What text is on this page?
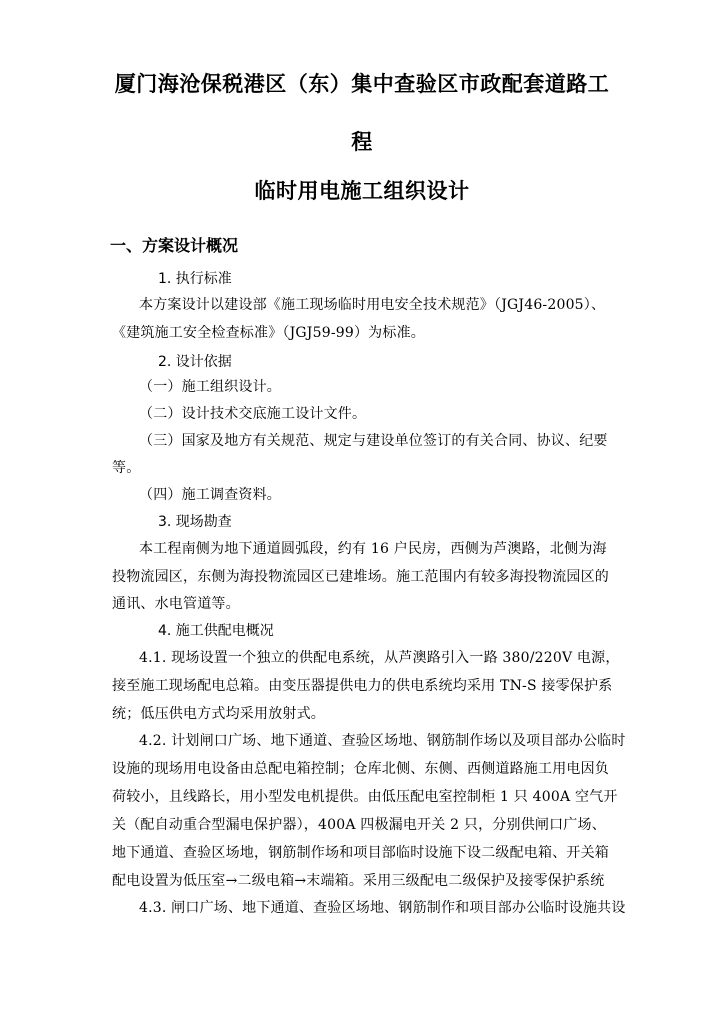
厦门海沧保税港区（东）集中查验区市政配套道路工
程
临时用电施工组织设计
一、方案设计概况
1. 执行标准
本方案设计以建设部《施工现场临时用电安全技术规范》（JGJ46-2005）、
《建筑施工安全检查标准》（JGJ59-99）为标准。
2. 设计依据
（一）施工组织设计。
（二）设计技术交底施工设计文件。
（三）国家及地方有关规范、规定与建设单位签订的有关合同、协议、纪要
等。
（四）施工调查资料。
3. 现场勘查
本工程南侧为地下通道圆弧段，约有 16 户民房，西侧为芦澳路，北侧为海
投物流园区，东侧为海投物流园区已建堆场。施工范围内有较多海投物流园区的
通讯、水电管道等。
4. 施工供配电概况
4.1. 现场设置一个独立的供配电系统，从芦澳路引入一路 380/220V 电源，
接至施工现场配电总箱。由变压器提供电力的供电系统均采用 TN-S 接零保护系
统；低压供电方式均采用放射式。
4.2. 计划闸口广场、地下通道、查验区场地、钢筋制作场以及项目部办公临时
设施的现场用电设备由总配电箱控制；仓库北侧、东侧、西侧道路施工用电因负
荷较小，且线路长，用小型发电机提供。由低压配电室控制柜 1 只 400A 空气开
关（配自动重合型漏电保护器），400A 四极漏电开关 2 只，分别供闸口广场、
地下通道、查验区场地，钢筋制作场和项目部临时设施下设二级配电箱、开关箱
配电设置为低压室→二级电箱→末端箱。采用三级配电二级保护及接零保护系统
4.3. 闸口广场、地下通道、查验区场地、钢筋制作和项目部办公临时设施共设
